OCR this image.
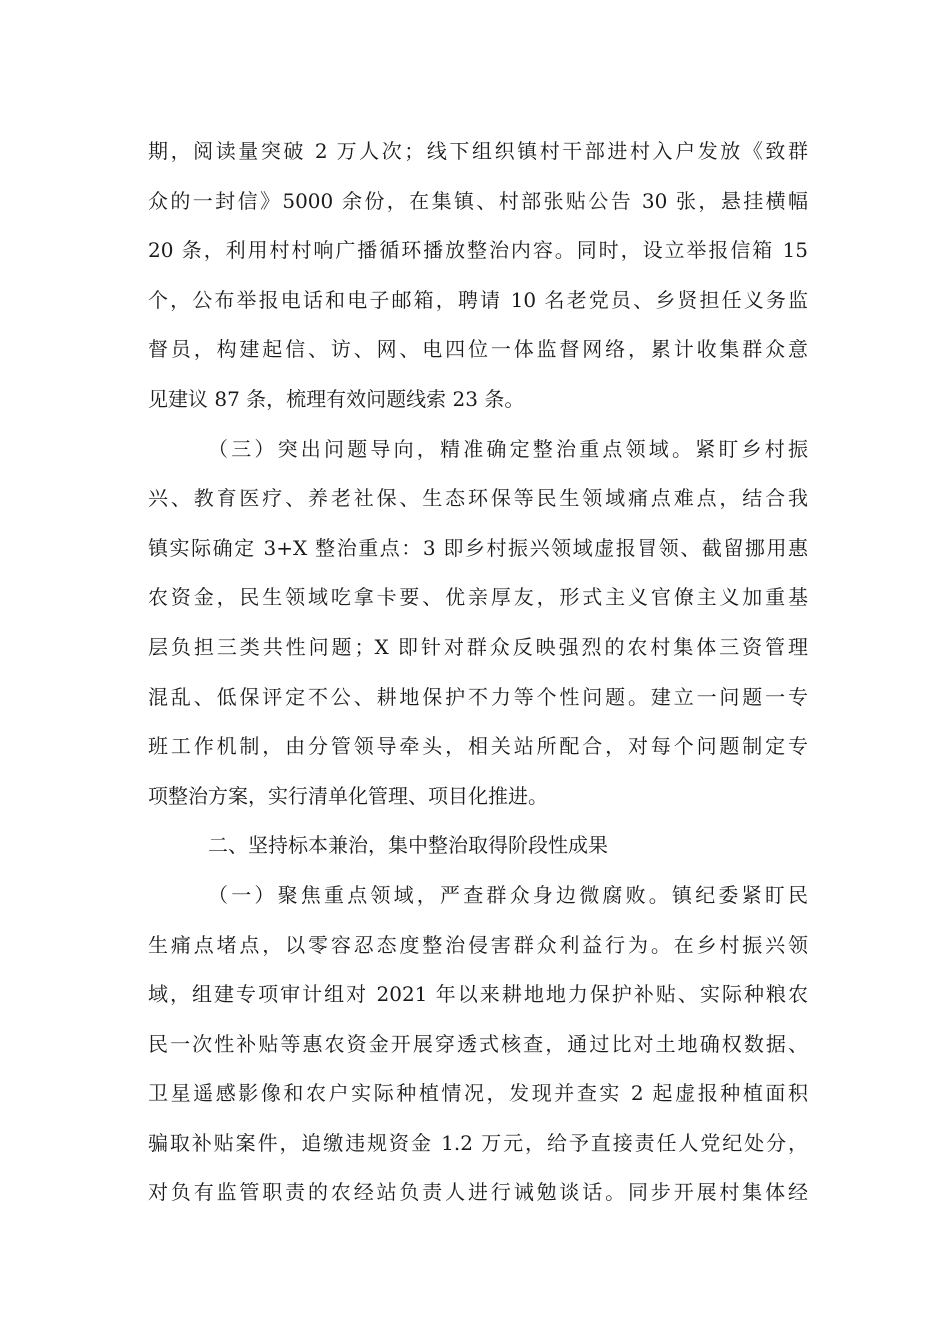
期，阅读量突破 2 万人次；线下组织镇村干部进村入户发放《致群
众的一封信》5000 余份，在集镇、村部张贴公告 30 张，悬挂横幅
20 条，利用村村响广播循环播放整治内容。同时，设立举报信箱 15
个，公布举报电话和电子邮箱，聘请 10 名老党员、乡贤担任义务监
督员，构建起信、访、网、电四位一体监督网络，累计收集群众意
见建议 87 条，梳理有效问题线索 23 条。
（三）突出问题导向，精准确定整治重点领域。紧盯乡村振
兴、教育医疗、养老社保、生态环保等民生领域痛点难点，结合我
镇实际确定 3+X 整治重点：3 即乡村振兴领域虚报冒领、截留挪用惠
农资金，民生领域吃拿卡要、优亲厚友，形式主义官僚主义加重基
层负担三类共性问题；X 即针对群众反映强烈的农村集体三资管理
混乱、低保评定不公、耕地保护不力等个性问题。建立一问题一专
班工作机制，由分管领导牵头，相关站所配合，对每个问题制定专
项整治方案，实行清单化管理、项目化推进。
二、坚持标本兼治，集中整治取得阶段性成果
（一）聚焦重点领域，严查群众身边微腐败。镇纪委紧盯民
生痛点堵点，以零容忍态度整治侵害群众利益行为。在乡村振兴领
域，组建专项审计组对 2021 年以来耕地地力保护补贴、实际种粮农
民一次性补贴等惠农资金开展穿透式核查，通过比对土地确权数据、
卫星遥感影像和农户实际种植情况，发现并查实 2 起虚报种植面积
骗取补贴案件，追缴违规资金 1.2 万元，给予直接责任人党纪处分，
对负有监管职责的农经站负责人进行诫勉谈话。同步开展村集体经
